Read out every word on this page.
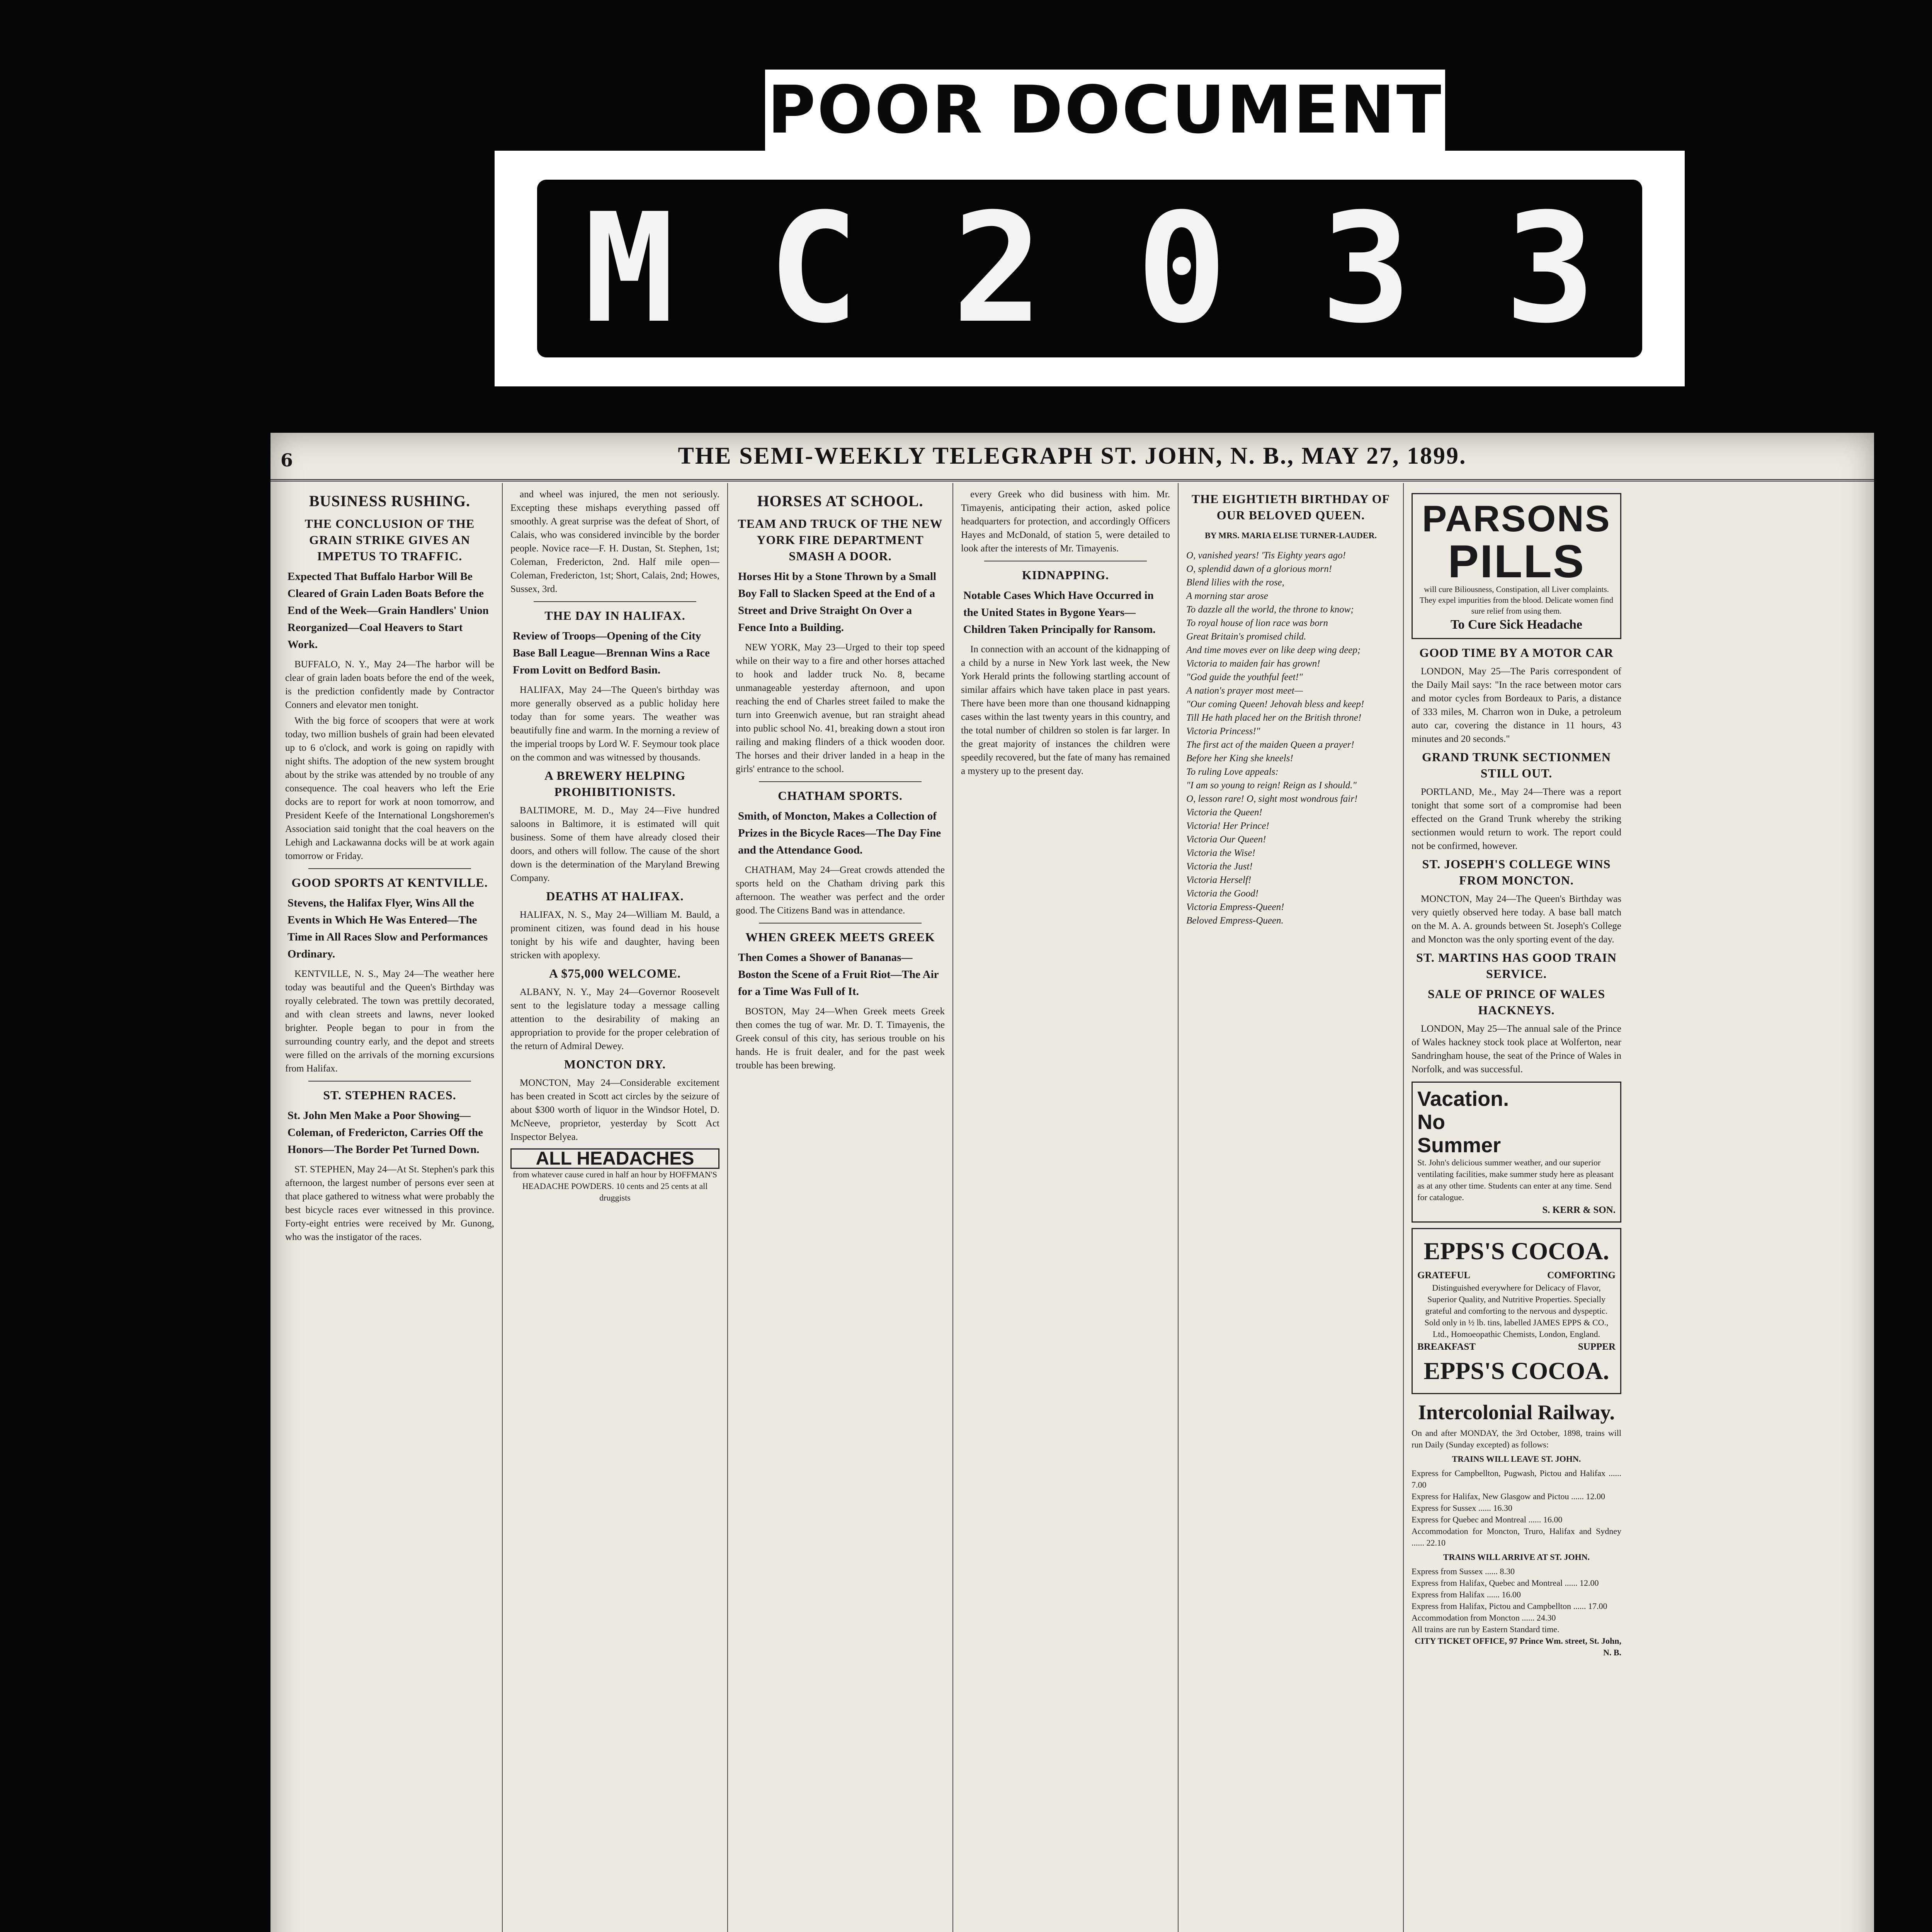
POOR DOCUMENT
M C 2 0 3 3
6	THE SEMI-WEEKLY TELEGRAPH ST. JOHN, N. B., MAY 27, 1899.
BUSINESS RUSHING.
THE CONCLUSION OF THE GRAIN STRIKE GIVES AN IMPETUS TO TRAFFIC.
Expected That Buffalo Harbor Will Be Cleared of Grain Laden Boats Before the End of the Week—Grain Handlers' Union Reorganized—Coal Heavers to Start Work.

BUFFALO, N. Y., May 24—The harbor will be clear of grain laden boats before the end of the week, is the prediction confidently made by Contractor Conners and elevator men tonight.

With the big force of scoopers that were at work today, two million bushels of grain had been elevated up to 6 o'clock, and work is going on rapidly with night shifts. The adoption of the new system brought about by the strike was attended by no trouble of any consequence. The coal heavers who left the Erie docks are to report for work at noon tomorrow, and President Keefe of the International Longshoremen's Association said tonight that the coal heavers on the Lehigh and Lackawanna docks will be at work again tomorrow or Friday.

GOOD SPORTS AT KENTVILLE.
Stevens, the Halifax Flyer, Wins All the Events in Which He Was Entered—The Time in All Races Slow and Performances Ordinary.

KENTVILLE, N. S., May 24—The weather here today was beautiful and the Queen's Birthday was royally celebrated. The town was prettily decorated, and with clean streets and lawns, never looked brighter. People began to pour in from the surrounding country early, and the depot and streets were filled on the arrivals of the morning excursions from Halifax.

ST. STEPHEN RACES.
St. John Men Make a Poor Showing—Coleman, of Fredericton, Carries Off the Honors—The Border Pet Turned Down.

ST. STEPHEN, May 24—At St. Stephen's park this afternoon, the largest number of persons ever seen at that place gathered to witness what were probably the best bicycle races ever witnessed in this province. Forty-eight entries were received by Mr. Gunong, who was the instigator of the races.

and wheel was injured, the men not seriously. Excepting these mishaps everything passed off smoothly. A great surprise was the defeat of Short, of Calais, who was considered invincible by the border people. Novice race—F. H. Dustan, St. Stephen, 1st; Coleman, Fredericton, 2nd. Half mile open—Coleman, Fredericton, 1st; Short, Calais, 2nd; Howes, Sussex, 3rd.

THE DAY IN HALIFAX.
Review of Troops—Opening of the City Base Ball League—Brennan Wins a Race From Lovitt on Bedford Basin.

HALIFAX, May 24—The Queen's birthday was more generally observed as a public holiday here today than for some years. The weather was beautifully fine and warm. In the morning a review of the imperial troops by Lord W. F. Seymour took place on the common and was witnessed by thousands.

A BREWERY HELPING PROHIBITIONISTS.

BALTIMORE, M. D., May 24—Five hundred saloons in Baltimore, it is estimated will quit business. Some of them have already closed their doors, and others will follow. The cause of the short down is the determination of the Maryland Brewing Company.

DEATHS AT HALIFAX.

HALIFAX, N. S., May 24—William M. Bauld, a prominent citizen, was found dead in his house tonight by his wife and daughter, having been stricken with apoplexy.

A $75,000 WELCOME.

ALBANY, N. Y., May 24—Governor Roosevelt sent to the legislature today a message calling attention to the desirability of making an appropriation to provide for the proper celebration of the return of Admiral Dewey.

MONCTON DRY.

MONCTON, May 24—Considerable excitement has been created in Scott act circles by the seizure of about $300 worth of liquor in the Windsor Hotel, D. McNeeve, proprietor, yesterday by Scott Act Inspector Belyea.

ALL HEADACHES
from whatever cause cured in half an hour by HOFFMAN'S HEADACHE POWDERS. 10 cents and 25 cents at all druggists
HORSES AT SCHOOL.
TEAM AND TRUCK OF THE NEW YORK FIRE DEPARTMENT SMASH A DOOR.
Horses Hit by a Stone Thrown by a Small Boy Fall to Slacken Speed at the End of a Street and Drive Straight On Over a Fence Into a Building.

NEW YORK, May 23—Urged to their top speed while on their way to a fire and other horses attached to hook and ladder truck No. 8, became unmanageable yesterday afternoon, and upon reaching the end of Charles street failed to make the turn into Greenwich avenue, but ran straight ahead into public school No. 41, breaking down a stout iron railing and making flinders of a thick wooden door. The horses and their driver landed in a heap in the girls' entrance to the school.

CHATHAM SPORTS.
Smith, of Moncton, Makes a Collection of Prizes in the Bicycle Races—The Day Fine and the Attendance Good.

CHATHAM, May 24—Great crowds attended the sports held on the Chatham driving park this afternoon. The weather was perfect and the order good. The Citizens Band was in attendance.

WHEN GREEK MEETS GREEK
Then Comes a Shower of Bananas—Boston the Scene of a Fruit Riot—The Air for a Time Was Full of It.

BOSTON, May 24—When Greek meets Greek then comes the tug of war. Mr. D. T. Timayenis, the Greek consul of this city, has serious trouble on his hands. He is fruit dealer, and for the past week trouble has been brewing.

every Greek who did business with him. Mr. Timayenis, anticipating their action, asked police headquarters for protection, and accordingly Officers Hayes and McDonald, of station 5, were detailed to look after the interests of Mr. Timayenis.

KIDNAPPING.
Notable Cases Which Have Occurred in the United States in Bygone Years—Children Taken Principally for Ransom.

In connection with an account of the kidnapping of a child by a nurse in New York last week, the New York Herald prints the following startling account of similar affairs which have taken place in past years. There have been more than one thousand kidnapping cases within the last twenty years in this country, and the total number of children so stolen is far larger. In the great majority of instances the children were speedily recovered, but the fate of many has remained a mystery up to the present day.

THE EIGHTIETH BIRTHDAY OF OUR BELOVED QUEEN.
BY MRS. MARIA ELISE TURNER-LAUDER.
O, vanished years! 'Tis Eighty years ago!
O, splendid dawn of a glorious morn!
Blend lilies with the rose,
A morning star arose
To dazzle all the world, the throne to know;
To royal house of lion race was born
Great Britain's promised child.
And time moves ever on like deep wing deep;
Victoria to maiden fair has grown!
"God guide the youthful feet!"
A nation's prayer most meet—
"Our coming Queen! Jehovah bless and keep!
Till He hath placed her on the British throne!
Victoria Princess!"
The first act of the maiden Queen a prayer!
Before her King she kneels!
To ruling Love appeals:
"I am so young to reign! Reign as I should."
O, lesson rare! O, sight most wondrous fair!
Victoria the Queen!
Victoria! Her Prince!
Victoria Our Queen!
Victoria the Wise!
Victoria the Just!
Victoria Herself!
Victoria the Good!
Victoria Empress-Queen!
Beloved Empress-Queen.
PARSONS
PILLS
will cure Biliousness, Constipation, all Liver complaints. They expel impurities from the blood. Delicate women find sure relief from using them.
To Cure Sick Headache
GOOD TIME BY A MOTOR CAR

LONDON, May 25—The Paris correspondent of the Daily Mail says: "In the race between motor cars and motor cycles from Bordeaux to Paris, a distance of 333 miles, M. Charron won in Duke, a petroleum auto car, covering the distance in 11 hours, 43 minutes and 20 seconds."

GRAND TRUNK SECTIONMEN STILL OUT.

PORTLAND, Me., May 24—There was a report tonight that some sort of a compromise had been effected on the Grand Trunk whereby the striking sectionmen would return to work. The report could not be confirmed, however.

ST. JOSEPH'S COLLEGE WINS FROM MONCTON.

MONCTON, May 24—The Queen's Birthday was very quietly observed here today. A base ball match on the M. A. A. grounds between St. Joseph's College and Moncton was the only sporting event of the day.

ST. MARTINS HAS GOOD TRAIN SERVICE.
SALE OF PRINCE OF WALES HACKNEYS.

LONDON, May 25—The annual sale of the Prince of Wales hackney stock took place at Wolferton, near Sandringham house, the seat of the Prince of Wales in Norfolk, and was successful.

Vacation.
No
Summer
St. John's delicious summer weather, and our superior ventilating facilities, make summer study here as pleasant as at any other time. Students can enter at any time. Send for catalogue.
S. KERR & SON.
EPPS'S COCOA.
GRATEFUL	COMFORTING
Distinguished everywhere for Delicacy of Flavor, Superior Quality, and Nutritive Properties. Specially grateful and comforting to the nervous and dyspeptic. Sold only in ½ lb. tins, labelled JAMES EPPS & CO., Ltd., Homoeopathic Chemists, London, England.
BREAKFAST	SUPPER
EPPS'S COCOA.
Intercolonial Railway.
On and after MONDAY, the 3rd October, 1898, trains will run Daily (Sunday excepted) as follows:
TRAINS WILL LEAVE ST. JOHN.
Express for Campbellton, Pugwash, Pictou and Halifax ...... 7.00
Express for Halifax, New Glasgow and Pictou ...... 12.00
Express for Sussex ...... 16.30
Express for Quebec and Montreal ...... 16.00
Accommodation for Moncton, Truro, Halifax and Sydney ...... 22.10
TRAINS WILL ARRIVE AT ST. JOHN.
Express from Sussex ...... 8.30
Express from Halifax, Quebec and Montreal ...... 12.00
Express from Halifax ...... 16.00
Express from Halifax, Pictou and Campbellton ...... 17.00
Accommodation from Moncton ...... 24.30
All trains are run by Eastern Standard time.
CITY TICKET OFFICE, 97 Prince Wm. street, St. John, N. B.
